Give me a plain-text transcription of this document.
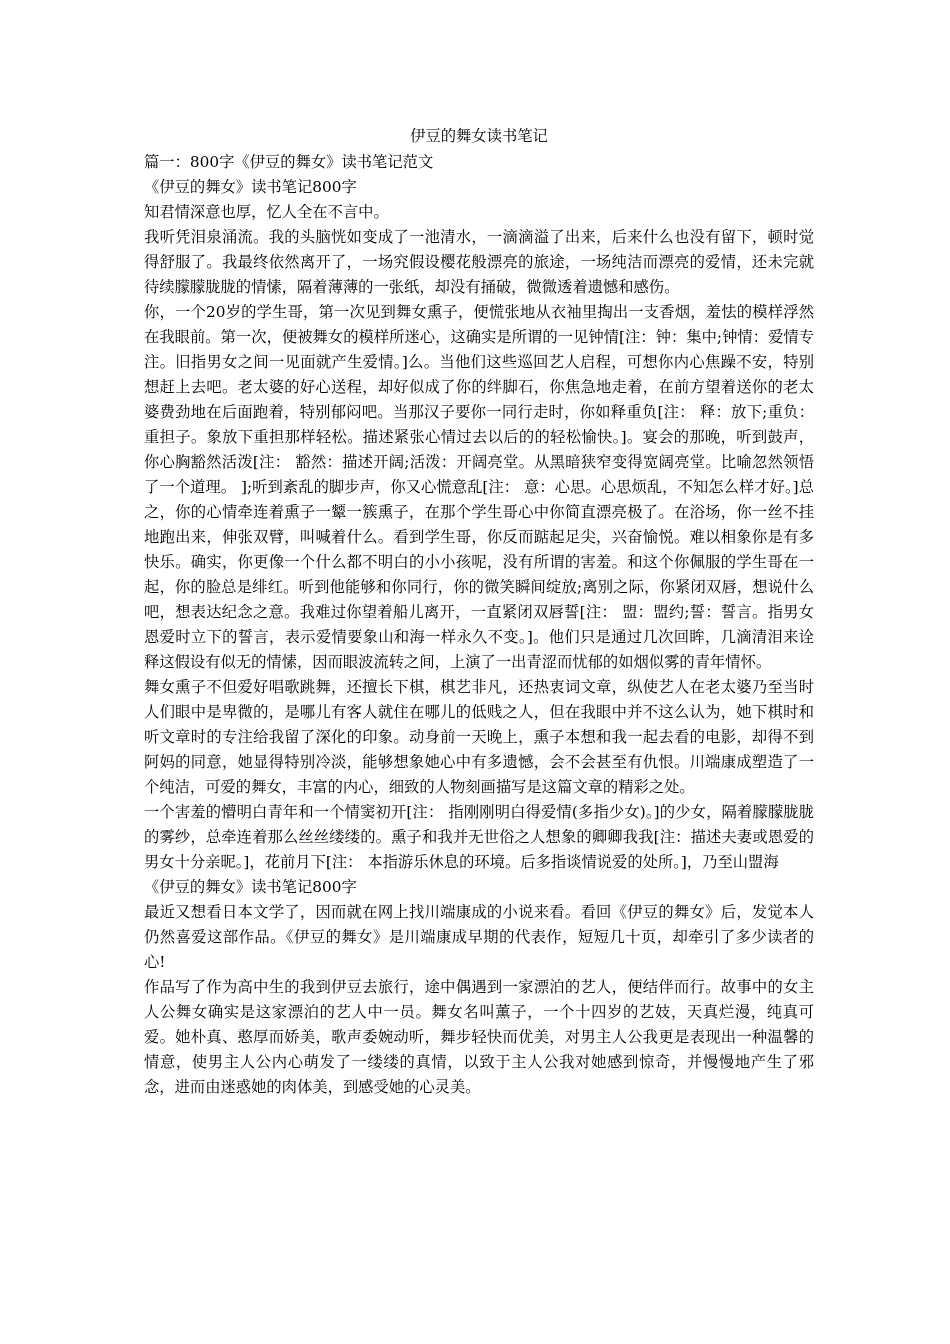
伊豆的舞女读书笔记

篇一：800字《伊豆的舞女》读书笔记范文

《伊豆的舞女》读书笔记800字

知君情深意也厚，忆人全在不言中。

我听凭泪泉涌流。我的头脑恍如变成了一池清水，一滴滴溢了出来，后来什么也没有留下，顿时觉得舒服了。我最终依然离开了，一场究假设樱花般漂亮的旅途，一场纯洁而漂亮的爱情，还未完就待续朦朦胧胧的情愫，隔着薄薄的一张纸，却没有捅破，微微透着遗憾和感伤。

你，一个20岁的学生哥，第一次见到舞女熏子，便慌张地从衣袖里掏出一支香烟，羞怯的模样浮然在我眼前。第一次，便被舞女的模样所迷心，这确实是所谓的一见钟情[注：钟：集中;钟情：爱情专注。旧指男女之间一见面就产生爱情。]么。当他们这些巡回艺人启程，可想你内心焦躁不安，特别想赶上去吧。老太婆的好心送程，却好似成了你的绊脚石，你焦急地走着，在前方望着送你的老太婆费劲地在后面跑着，特别郁闷吧。当那汉子要你一同行走时，你如释重负[注： 释：放下;重负：重担子。象放下重担那样轻松。描述紧张心情过去以后的的轻松愉快。]。宴会的那晚，听到鼓声，你心胸豁然活泼[注： 豁然：描述开阔;活泼：开阔亮堂。从黑暗狭窄变得宽阔亮堂。比喻忽然领悟了一个道理。 ];听到紊乱的脚步声，你又心慌意乱[注： 意：心思。心思烦乱，不知怎么样才好。]总之，你的心情牵连着熏子一颦一簇熏子，在那个学生哥心中你简直漂亮极了。在浴场，你一丝不挂地跑出来，伸张双臂，叫喊着什么。看到学生哥，你反而踮起足尖，兴奋愉悦。难以相象你是有多快乐。确实，你更像一个什么都不明白的小小孩呢，没有所谓的害羞。和这个你佩服的学生哥在一起，你的脸总是绯红。听到他能够和你同行，你的微笑瞬间绽放;离别之际，你紧闭双唇，想说什么吧，想表达纪念之意。我难过你望着船儿离开，一直紧闭双唇誓[注： 盟：盟约;誓：誓言。指男女恩爱时立下的誓言，表示爱情要象山和海一样永久不变。]。他们只是通过几次回眸，几滴清泪来诠释这假设有似无的情愫，因而眼波流转之间，上演了一出青涩而忧郁的如烟似雾的青年情怀。

舞女熏子不但爱好唱歌跳舞，还擅长下棋，棋艺非凡，还热衷词文章，纵使艺人在老太婆乃至当时人们眼中是卑微的，是哪儿有客人就住在哪儿的低贱之人，但在我眼中并不这么认为，她下棋时和听文章时的专注给我留了深化的印象。动身前一天晚上，熏子本想和我一起去看的电影，却得不到阿妈的同意，她显得特别冷淡，能够想象她心中有多遗憾，会不会甚至有仇恨。川端康成塑造了一个纯洁，可爱的舞女，丰富的内心，细致的人物刻画描写是这篇文章的精彩之处。

一个害羞的懵明白青年和一个情窦初开[注： 指刚刚明白得爱情(多指少女)。]的少女，隔着朦朦胧胧的雾纱，总牵连着那么丝丝缕缕的。熏子和我并无世俗之人想象的卿卿我我[注：描述夫妻或恩爱的男女十分亲昵。]，花前月下[注： 本指游乐休息的环境。后多指谈情说爱的处所。]，乃至山盟海

《伊豆的舞女》读书笔记800字

最近又想看日本文学了，因而就在网上找川端康成的小说来看。看回《伊豆的舞女》后，发觉本人仍然喜爱这部作品。《伊豆的舞女》是川端康成早期的代表作，短短几十页，却牵引了多少读者的心!

作品写了作为高中生的我到伊豆去旅行，途中偶遇到一家漂泊的艺人，便结伴而行。故事中的女主人公舞女确实是这家漂泊的艺人中一员。舞女名叫薰子，一个十四岁的艺妓，天真烂漫，纯真可爱。她朴真、憨厚而娇美，歌声委婉动听，舞步轻快而优美，对男主人公我更是表现出一种温馨的情意，使男主人公内心萌发了一缕缕的真情，以致于主人公我对她感到惊奇，并慢慢地产生了邪念，进而由迷惑她的肉体美，到感受她的心灵美。
